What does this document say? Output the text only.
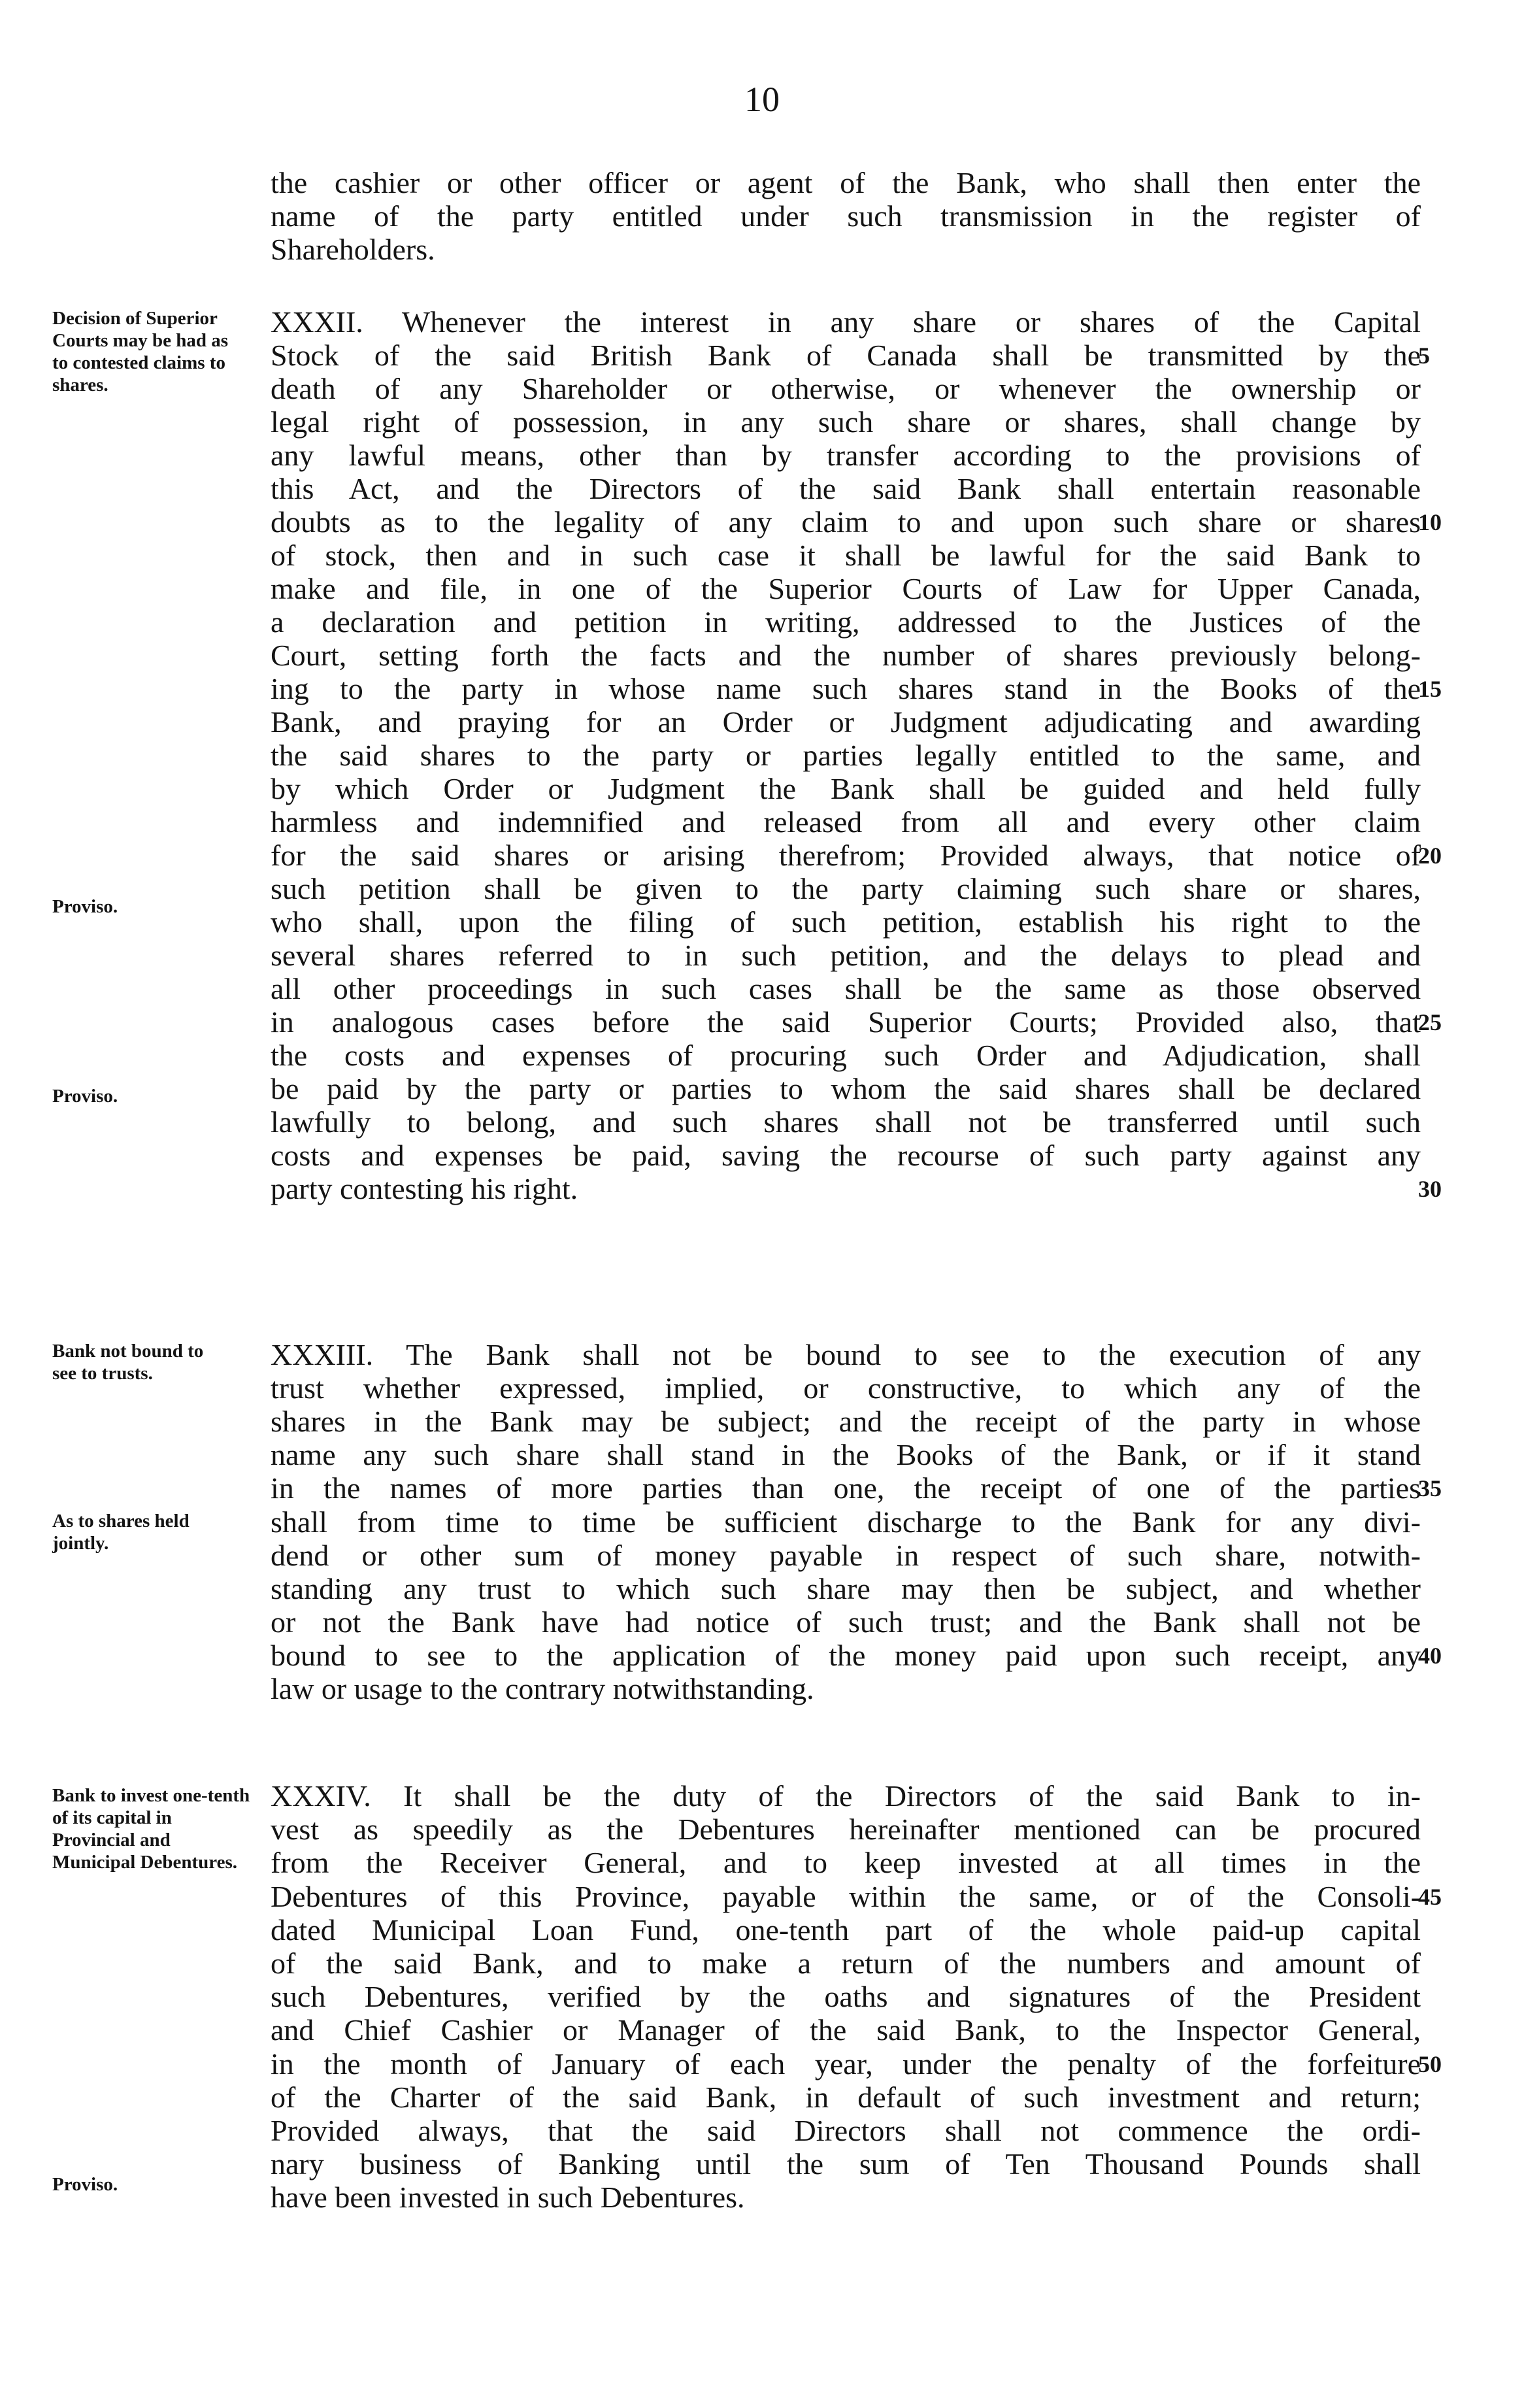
10
the cashier or other officer or agent of the Bank, who shall then enter the
name of the party entitled under such transmission in the register of
Shareholders.
XXXII. Whenever the interest in any share or shares of the Capital
Stock of the said British Bank of Canada shall be transmitted by the
death of any Shareholder or otherwise, or whenever the ownership or
legal right of possession, in any such share or shares, shall change by
any lawful means, other than by transfer according to the provisions of
this Act, and the Directors of the said Bank shall entertain reasonable
doubts as to the legality of any claim to and upon such share or shares
of stock, then and in such case it shall be lawful for the said Bank to
make and file, in one of the Superior Courts of Law for Upper Canada,
a declaration and petition in writing, addressed to the Justices of the
Court, setting forth the facts and the number of shares previously belong-
ing to the party in whose name such shares stand in the Books of the
Bank, and praying for an Order or Judgment adjudicating and awarding
the said shares to the party or parties legally entitled to the same, and
by which Order or Judgment the Bank shall be guided and held fully
harmless and indemnified and released from all and every other claim
for the said shares or arising therefrom; Provided always, that notice of
such petition shall be given to the party claiming such share or shares,
who shall, upon the filing of such petition, establish his right to the
several shares referred to in such petition, and the delays to plead and
all other proceedings in such cases shall be the same as those observed
in analogous cases before the said Superior Courts; Provided also, that
the costs and expenses of procuring such Order and Adjudication, shall
be paid by the party or parties to whom the said shares shall be declared
lawfully to belong, and such shares shall not be transferred until such
costs and expenses be paid, saving the recourse of such party against any
party contesting his right.
XXXIII. The Bank shall not be bound to see to the execution of any
trust whether expressed, implied, or constructive, to which any of the
shares in the Bank may be subject; and the receipt of the party in whose
name any such share shall stand in the Books of the Bank, or if it stand
in the names of more parties than one, the receipt of one of the parties
shall from time to time be sufficient discharge to the Bank for any divi-
dend or other sum of money payable in respect of such share, notwith-
standing any trust to which such share may then be subject, and whether
or not the Bank have had notice of such trust; and the Bank shall not be
bound to see to the application of the money paid upon such receipt, any
law or usage to the contrary notwithstanding.
XXXIV. It shall be the duty of the Directors of the said Bank to in-
vest as speedily as the Debentures hereinafter mentioned can be procured
from the Receiver General, and to keep invested at all times in the
Debentures of this Province, payable within the same, or of the Consoli-
dated Municipal Loan Fund, one-tenth part of the whole paid-up capital
of the said Bank, and to make a return of the numbers and amount of
such Debentures, verified by the oaths and signatures of the President
and Chief Cashier or Manager of the said Bank, to the Inspector General,
in the month of January of each year, under the penalty of the forfeiture
of the Charter of the said Bank, in default of such investment and return;
Provided always, that the said Directors shall not commence the ordi-
nary business of Banking until the sum of Ten Thousand Pounds shall
have been invested in such Debentures.
Decision of Superior Courts may be had as to contested claims to shares.
Proviso.
Proviso.
Bank not bound to see to trusts.
As to shares held jointly.
Bank to invest one-tenth of its capital in Provincial and Municipal Debentures.
Proviso.
5
10
15
20
25
30
35
40
45
50
